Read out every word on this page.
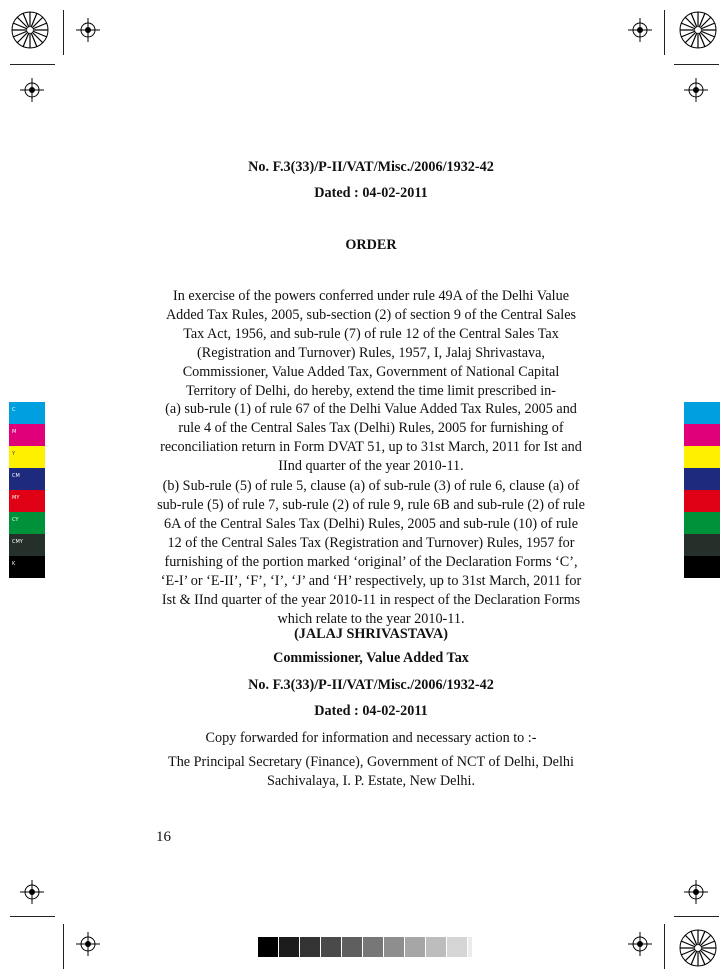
C
M
Y
CM
MY
CY
CMY
K
No. F.3(33)/P-II/VAT/Misc./2006/1932-42
Dated : 04-02-2011
ORDER
In exercise of the powers conferred under rule 49A of the Delhi Value Added Tax Rules, 2005, sub-section (2) of section 9 of the Central Sales Tax Act, 1956, and sub-rule (7) of rule 12 of the Central Sales Tax (Registration and Turnover) Rules, 1957, I, Jalaj Shrivastava, Commissioner, Value Added Tax, Government of National Capital Territory of Delhi, do hereby, extend the time limit prescribed in-
(a) sub-rule (1) of rule 67 of the Delhi Value Added Tax Rules, 2005 and rule 4 of the Central Sales Tax (Delhi) Rules, 2005 for furnishing of reconciliation return in Form DVAT 51, up to 31st March, 2011 for Ist and IInd quarter of the year 2010-11.
(b) Sub-rule (5) of rule 5, clause (a) of sub-rule (3) of rule 6, clause (a) of sub-rule (5) of rule 7, sub-rule (2) of rule 9, rule 6B and sub-rule (2) of rule 6A of the Central Sales Tax (Delhi) Rules, 2005 and sub-rule (10) of rule 12 of the Central Sales Tax (Registration and Turnover) Rules, 1957 for furnishing of the portion marked ‘original’ of the Declaration Forms ‘C’, ‘E-I’ or ‘E-II’, ‘F’, ‘I’, ‘J’ and ‘H’ respectively, up to 31st March, 2011 for Ist & IInd quarter of the year 2010-11 in respect of the Declaration Forms which relate to the year 2010-11.
(JALAJ SHRIVASTAVA)
Commissioner, Value Added Tax
No. F.3(33)/P-II/VAT/Misc./2006/1932-42
Dated : 04-02-2011
Copy forwarded for information and necessary action to :-
The Principal Secretary (Finance), Government of NCT of Delhi, Delhi Sachivalaya, I. P. Estate, New Delhi.
16
